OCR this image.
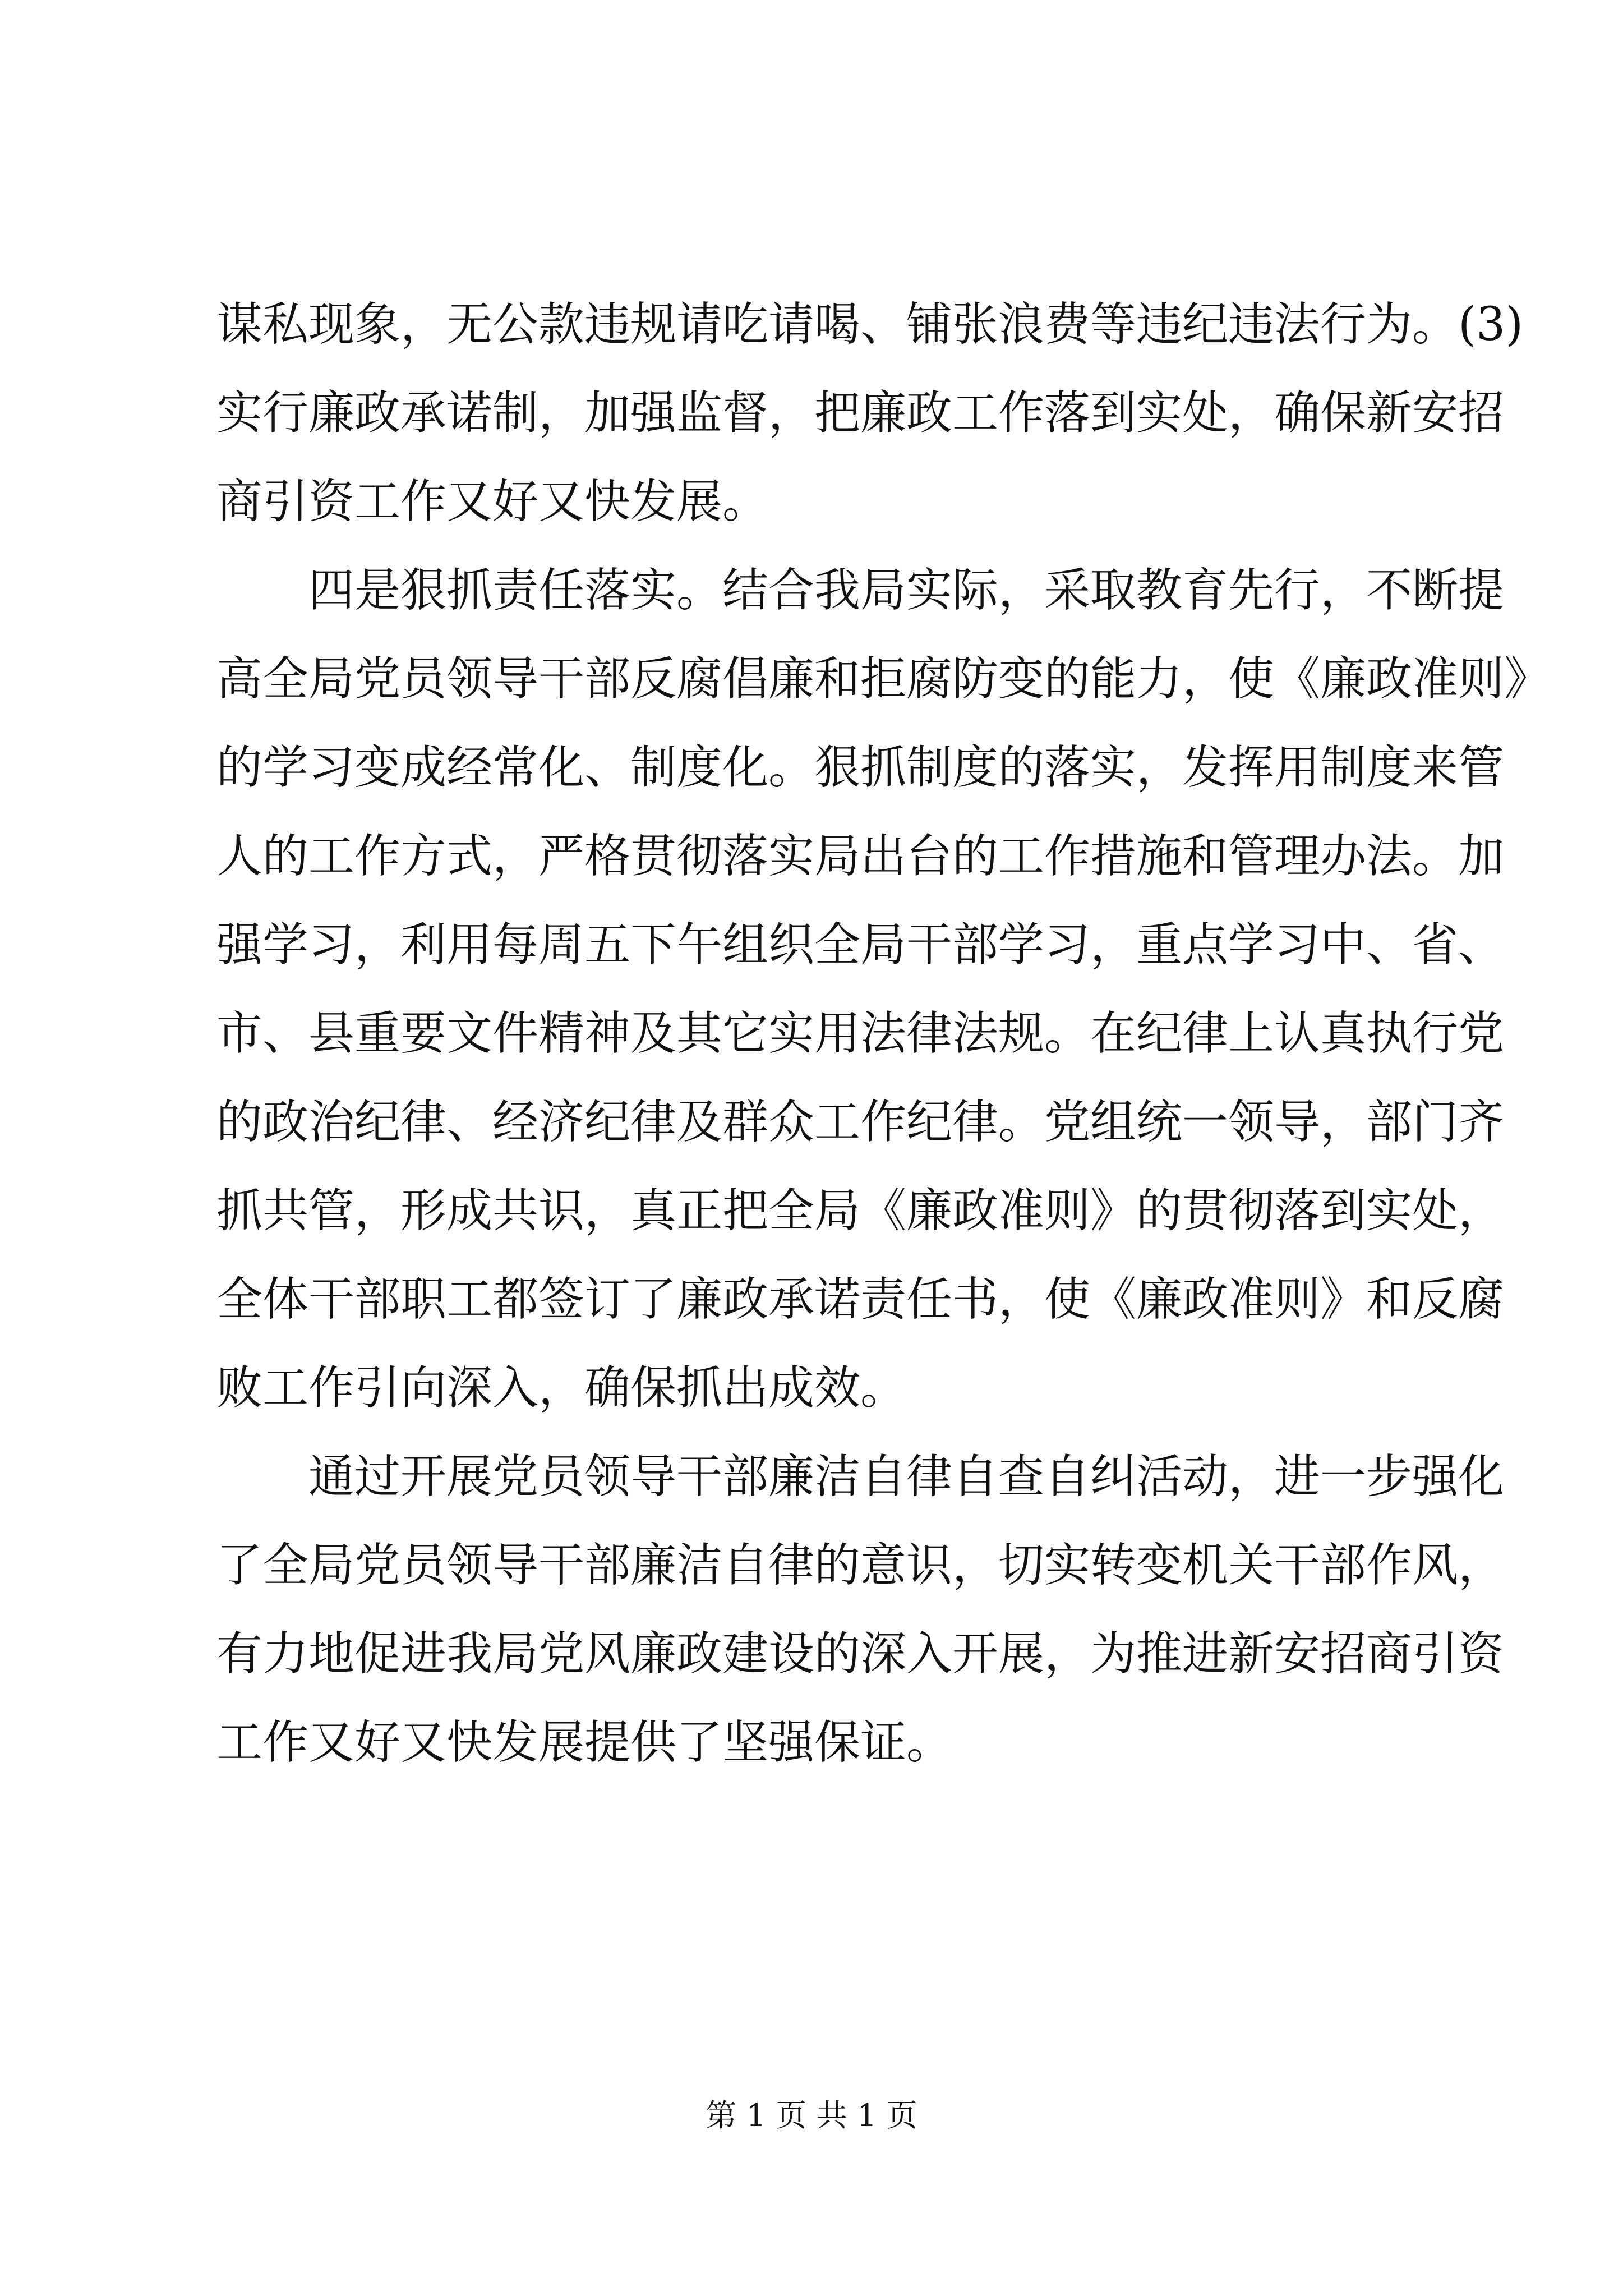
谋私现象，无公款违规请吃请喝、铺张浪费等违纪违法行为。(3)
实行廉政承诺制，加强监督，把廉政工作落到实处，确保新安招
商引资工作又好又快发展。
四是狠抓责任落实。结合我局实际，采取教育先行，不断提
高全局党员领导干部反腐倡廉和拒腐防变的能力，使《廉政准则》
的学习变成经常化、制度化。狠抓制度的落实，发挥用制度来管
人的工作方式，严格贯彻落实局出台的工作措施和管理办法。加
强学习，利用每周五下午组织全局干部学习，重点学习中、省、
市、县重要文件精神及其它实用法律法规。在纪律上认真执行党
的政治纪律、经济纪律及群众工作纪律。党组统一领导，部门齐
抓共管，形成共识，真正把全局《廉政准则》的贯彻落到实处，
全体干部职工都签订了廉政承诺责任书，使《廉政准则》和反腐
败工作引向深入，确保抓出成效。
通过开展党员领导干部廉洁自律自查自纠活动，进一步强化
了全局党员领导干部廉洁自律的意识，切实转变机关干部作风，
有力地促进我局党风廉政建设的深入开展，为推进新安招商引资
工作又好又快发展提供了坚强保证。
第 1 页 共 1 页
